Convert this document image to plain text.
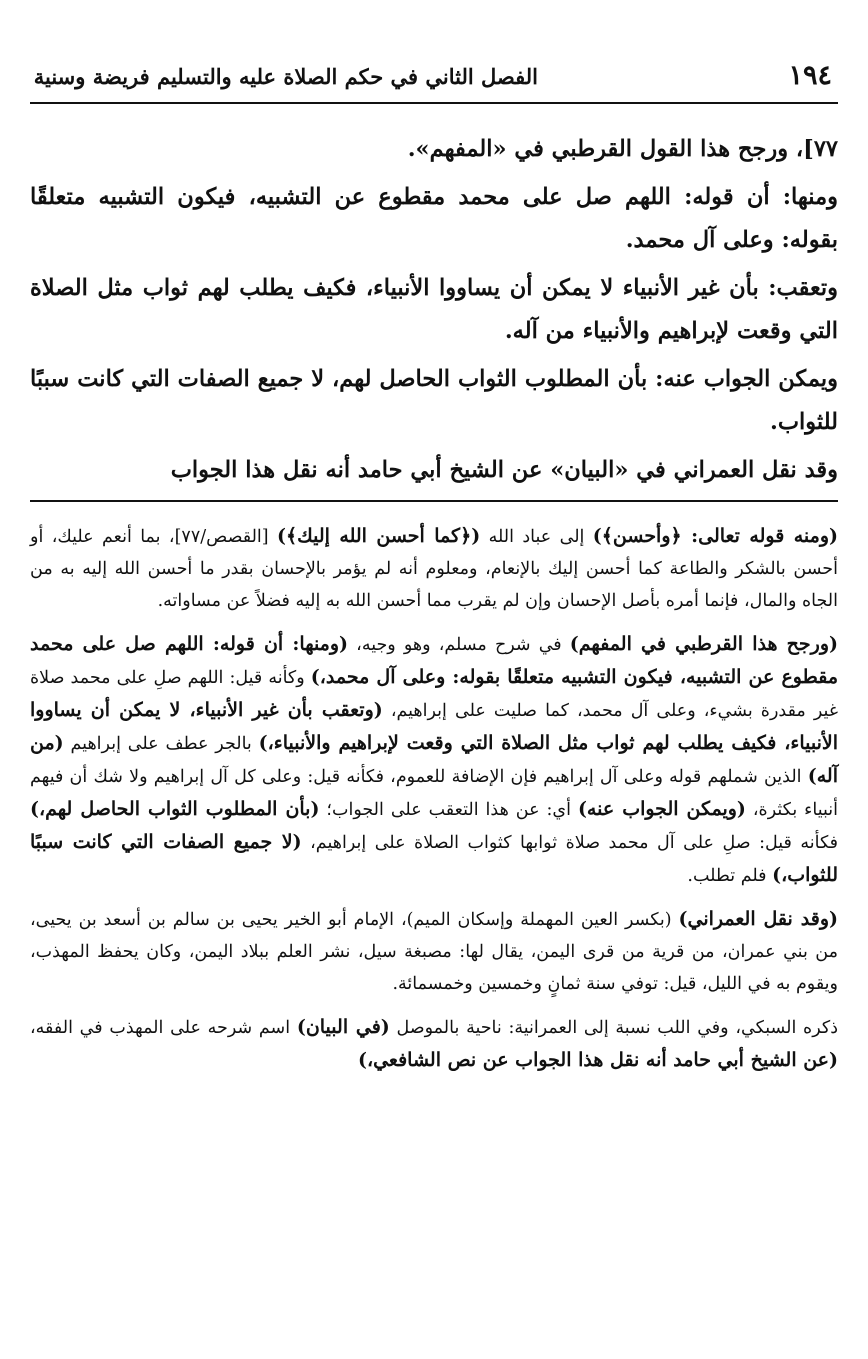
الفصل الثاني في حكم الصلاة عليه والتسليم فريضة وسنية	١٩٤

٧٧]، ورجح هذا القول القرطبي في «المفهم».

ومنها: أن قوله: اللهم صل على محمد مقطوع عن التشبيه، فيكون التشبيه متعلقًا بقوله: وعلى آل محمد.

وتعقب: بأن غير الأنبياء لا يمكن أن يساووا الأنبياء، فكيف يطلب لهم ثواب مثل الصلاة التي وقعت لإبراهيم والأنبياء من آله.

ويمكن الجواب عنه: بأن المطلوب الثواب الحاصل لهم، لا جميع الصفات التي كانت سببًا للثواب.

وقد نقل العمراني في «البيان» عن الشيخ أبي حامد أنه نقل هذا الجواب

(ومنه قوله تعالى: ﴿وأحسن﴾) إلى عباد الله (﴿كما أحسن الله إليك﴾) [القصص/٧٧]، بما أنعم عليك، أو أحسن بالشكر والطاعة كما أحسن إليك بالإنعام، ومعلوم أنه لم يؤمر بالإحسان بقدر ما أحسن الله إليه به من الجاه والمال، فإنما أمره بأصل الإحسان وإن لم يقرب مما أحسن الله به إليه فضلاً عن مساواته.

(ورجح هذا القرطبي في المفهم) في شرح مسلم، وهو وجيه، (ومنها: أن قوله: اللهم صل على محمد مقطوع عن التشبيه، فيكون التشبيه متعلقًا بقوله: وعلى آل محمد،) وكأنه قيل: اللهم صلِ على محمد صلاة غير مقدرة بشيء، وعلى آل محمد، كما صليت على إبراهيم، (وتعقب بأن غير الأنبياء، لا يمكن أن يساووا الأنبياء، فكيف يطلب لهم ثواب مثل الصلاة التي وقعت لإبراهيم والأنبياء،) بالجر عطف على إبراهيم (من آله) الذين شملهم قوله وعلى آل إبراهيم فإن الإضافة للعموم، فكأنه قيل: وعلى كل آل إبراهيم ولا شك أن فيهم أنبياء بكثرة، (ويمكن الجواب عنه) أي: عن هذا التعقب على الجواب؛ (بأن المطلوب الثواب الحاصل لهم،) فكأنه قيل: صلِ على آل محمد صلاة ثوابها كثواب الصلاة على إبراهيم، (لا جميع الصفات التي كانت سببًا للثواب،) فلم تطلب.

(وقد نقل العمراني) (بكسر العين المهملة وإسكان الميم)، الإمام أبو الخير يحيى بن سالم بن أسعد بن يحيى، من بني عمران، من قرية من قرى اليمن، يقال لها: مصبغة سيل، نشر العلم ببلاد اليمن، وكان يحفظ المهذب، ويقوم به في الليل، قيل: توفي سنة ثمانٍ وخمسين وخمسمائة.

ذكره السبكي، وفي اللب نسبة إلى العمرانية: ناحية بالموصل (في البيان) اسم شرحه على المهذب في الفقه، (عن الشيخ أبي حامد أنه نقل هذا الجواب عن نص الشافعي،)
